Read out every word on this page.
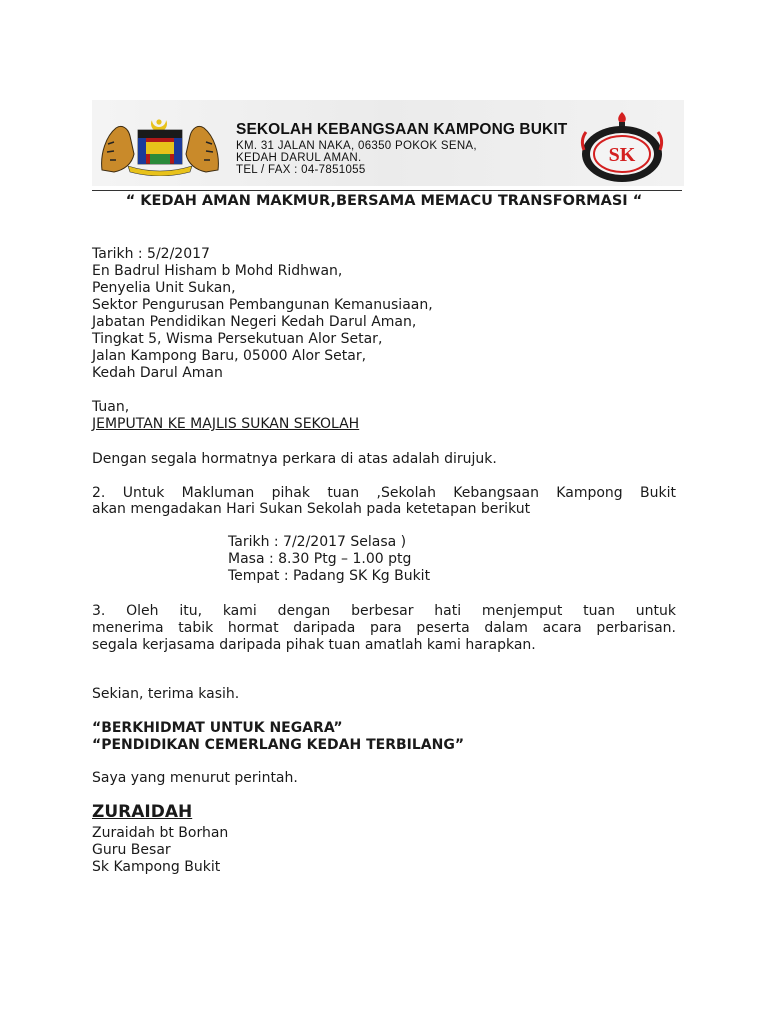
SEKOLAH KEBANGSAAN KAMPONG BUKIT
KM. 31 JALAN NAKA, 06350 POKOK SENA,
KEDAH DARUL AMAN.
TEL / FAX : 04-7851055
SK
“ KEDAH AMAN MAKMUR,BERSAMA MEMACU TRANSFORMASI “
Tarikh : 5/2/2017
En Badrul Hisham b Mohd Ridhwan,
Penyelia Unit Sukan,
Sektor Pengurusan Pembangunan Kemanusiaan,
Jabatan Pendidikan Negeri Kedah Darul Aman,
Tingkat 5, Wisma Persekutuan Alor Setar,
Jalan Kampong Baru, 05000 Alor Setar,
Kedah Darul Aman
Tuan,
JEMPUTAN KE MAJLIS SUKAN SEKOLAH
Dengan segala hormatnya perkara di atas adalah dirujuk.
2. Untuk Makluman pihak tuan ,Sekolah Kebangsaan Kampong Bukit
akan mengadakan Hari Sukan Sekolah pada ketetapan berikut
Tarikh : 7/2/2017 Selasa )
Masa : 8.30 Ptg – 1.00 ptg
Tempat : Padang SK Kg Bukit
3. Oleh itu, kami dengan berbesar hati menjemput tuan untuk
menerima tabik hormat daripada para peserta dalam acara perbarisan.
segala kerjasama daripada pihak tuan amatlah kami harapkan.
Sekian, terima kasih.
“BERKHIDMAT UNTUK NEGARA”
“PENDIDIKAN CEMERLANG KEDAH TERBILANG”
Saya yang menurut perintah.
ZURAIDAH
Zuraidah bt Borhan
Guru Besar
Sk Kampong Bukit
